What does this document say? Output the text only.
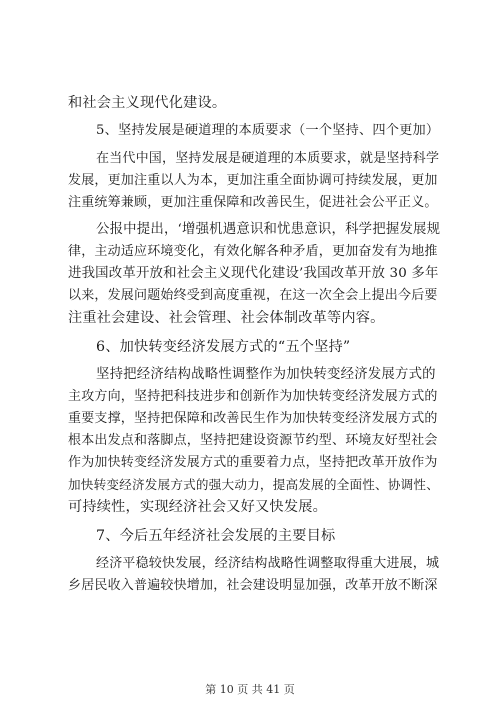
和社会主义现代化建设。
5、坚持发展是硬道理的本质要求（一个坚持、四个更加）
在当代中国，坚持发展是硬道理的本质要求，就是坚持科学
发展，更加注重以人为本，更加注重全面协调可持续发展，更加
注重统筹兼顾，更加注重保障和改善民生，促进社会公平正义。
公报中提出，‘增强机遇意识和忧患意识，科学把握发展规
律，主动适应环境变化，有效化解各种矛盾，更加奋发有为地推
进我国改革开放和社会主义现代化建设’我国改革开放 30 多年
以来，发展问题始终受到高度重视，在这一次全会上提出今后要
注重社会建设、社会管理、社会体制改革等内容。
6、加快转变经济发展方式的“五个坚持”
坚持把经济结构战略性调整作为加快转变经济发展方式的
主攻方向，坚持把科技进步和创新作为加快转变经济发展方式的
重要支撑，坚持把保障和改善民生作为加快转变经济发展方式的
根本出发点和落脚点，坚持把建设资源节约型、环境友好型社会
作为加快转变经济发展方式的重要着力点，坚持把改革开放作为
加快转变经济发展方式的强大动力，提高发展的全面性、协调性、
可持续性，实现经济社会又好又快发展。
7、今后五年经济社会发展的主要目标
经济平稳较快发展，经济结构战略性调整取得重大进展，城
乡居民收入普遍较快增加，社会建设明显加强，改革开放不断深
第 10 页 共 41 页
